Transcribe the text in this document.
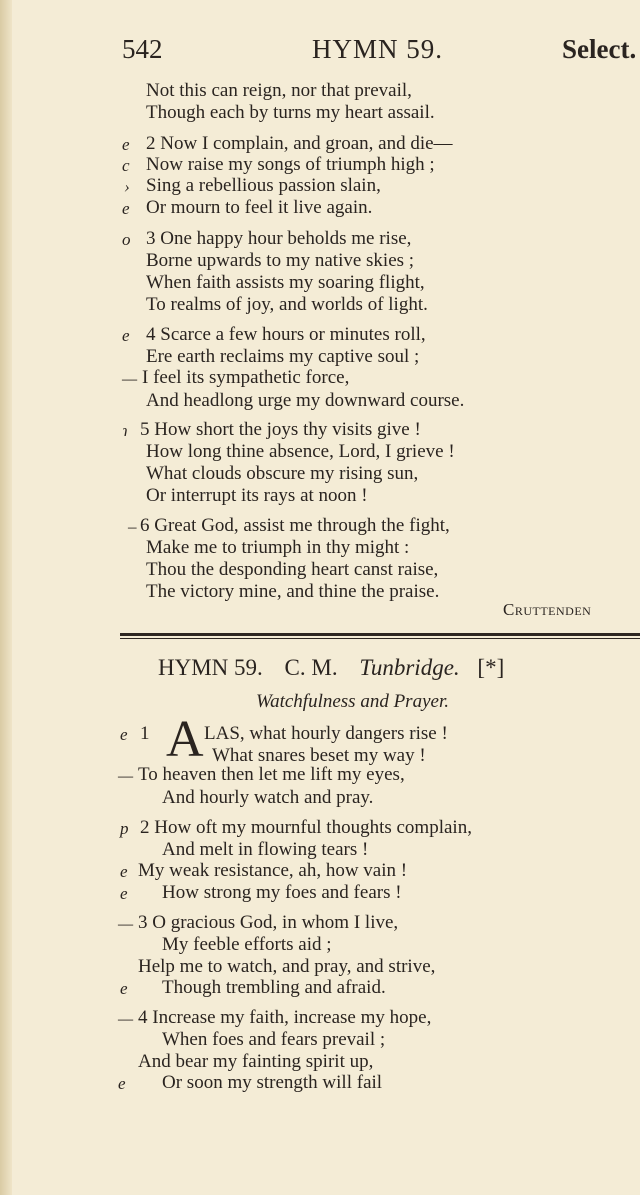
542	HYMN 59.	Select.
Not this can reign, nor that prevail,
Though each by turns my heart assail.
e 2 Now I complain, and groan, and die—
c Now raise my songs of triumph high ;
› Sing a rebellious passion slain,
e Or mourn to feel it live again.
o 3 One happy hour beholds me rise,
Borne upwards to my native skies ;
When faith assists my soaring flight,
To realms of joy, and worlds of light.
e 4 Scarce a few hours or minutes roll,
Ere earth reclaims my captive soul ;
— I feel its sympathetic force,
And headlong urge my downward course.
ɿ 5 How short the joys thy visits give !
How long thine absence, Lord, I grieve !
What clouds obscure my rising sun,
Or interrupt its rays at noon !
– 6 Great God, assist me through the fight,
Make me to triumph in thy might :
Thou the desponding heart canst raise,
The victory mine, and thine the praise.
Cruttenden
HYMN 59. C. M. Tunbridge. [*]
Watchfulness and Prayer.
e 1 A LAS, what hourly dangers rise !
What snares beset my way !
— To heaven then let me lift my eyes,
And hourly watch and pray.
p 2 How oft my mournful thoughts complain,
And melt in flowing tears !
e My weak resistance, ah, how vain !
e How strong my foes and fears !
— 3 O gracious God, in whom I live,
My feeble efforts aid ;
Help me to watch, and pray, and strive,
e Though trembling and afraid.
— 4 Increase my faith, increase my hope,
When foes and fears prevail ;
And bear my fainting spirit up,
e Or soon my strength will fail
